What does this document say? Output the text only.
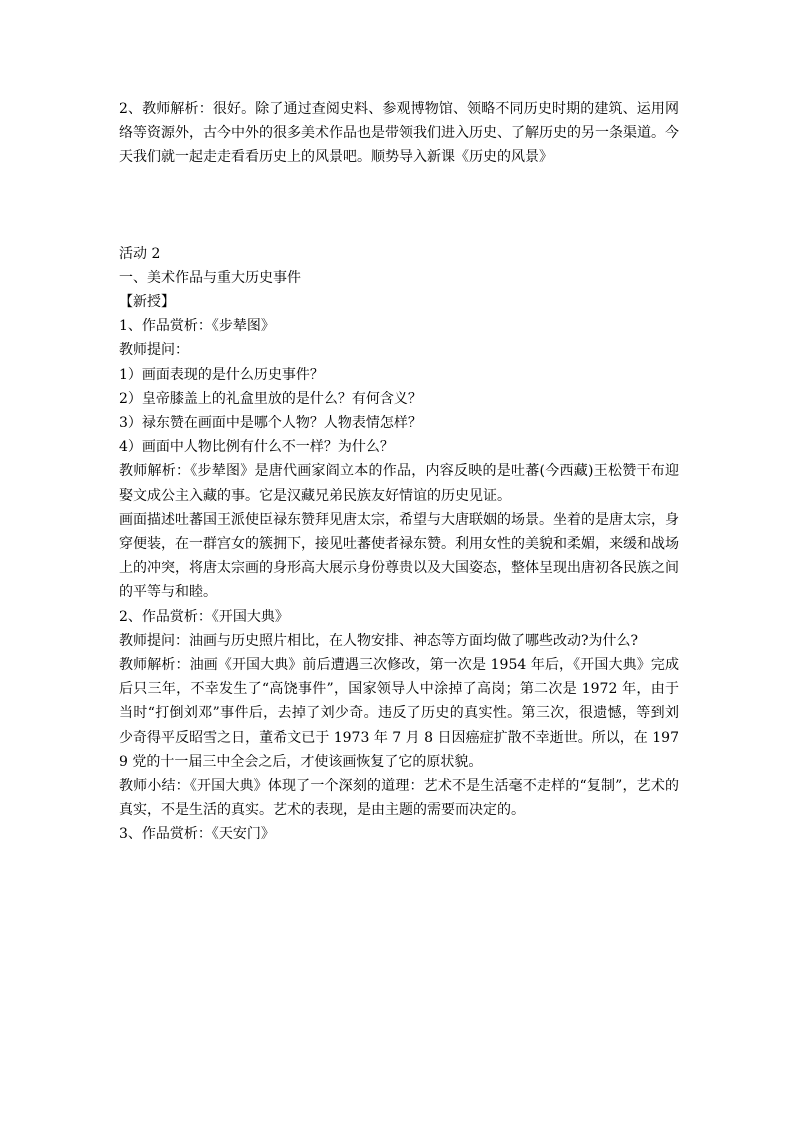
2、教师解析：很好。除了通过查阅史料、参观博物馆、领略不同历史时期的建筑、运用网络等资源外，古今中外的很多美术作品也是带领我们进入历史、了解历史的另一条渠道。今天我们就一起走走看看历史上的风景吧。顺势导入新课《历史的风景》

活动 2

一、美术作品与重大历史事件

【新授】

1、作品赏析：《步辇图》

教师提问：

1）画面表现的是什么历史事件？

2）皇帝膝盖上的礼盒里放的是什么？有何含义？

3）禄东赞在画面中是哪个人物？人物表情怎样？

4）画面中人物比例有什么不一样？为什么？

教师解析：《步辇图》是唐代画家阎立本的作品，内容反映的是吐蕃(今西藏)王松赞干布迎娶文成公主入藏的事。它是汉藏兄弟民族友好情谊的历史见证。

画面描述吐蕃国王派使臣禄东赞拜见唐太宗，希望与大唐联姻的场景。坐着的是唐太宗，身穿便装，在一群宫女的簇拥下，接见吐蕃使者禄东赞。利用女性的美貌和柔媚，来缓和战场上的冲突，将唐太宗画的身形高大展示身份尊贵以及大国姿态，整体呈现出唐初各民族之间的平等与和睦。

2、作品赏析：《开国大典》

教师提问：油画与历史照片相比，在人物安排、神态等方面均做了哪些改动?为什么?

教师解析：油画《开国大典》前后遭遇三次修改，第一次是 1954 年后，《开国大典》完成后只三年，不幸发生了“高饶事件”，国家领导人中涂掉了高岗；第二次是 1972 年，由于当时“打倒刘邓”事件后，去掉了刘少奇。违反了历史的真实性。第三次，很遗憾，等到刘少奇得平反昭雪之日，董希文已于 1973 年 7 月 8 日因癌症扩散不幸逝世。所以，在 1979 党的十一届三中全会之后，才使该画恢复了它的原状貌。

教师小结：《开国大典》体现了一个深刻的道理：艺术不是生活毫不走样的“复制”，艺术的真实，不是生活的真实。艺术的表现，是由主题的需要而决定的。

3、作品赏析：《天安门》
